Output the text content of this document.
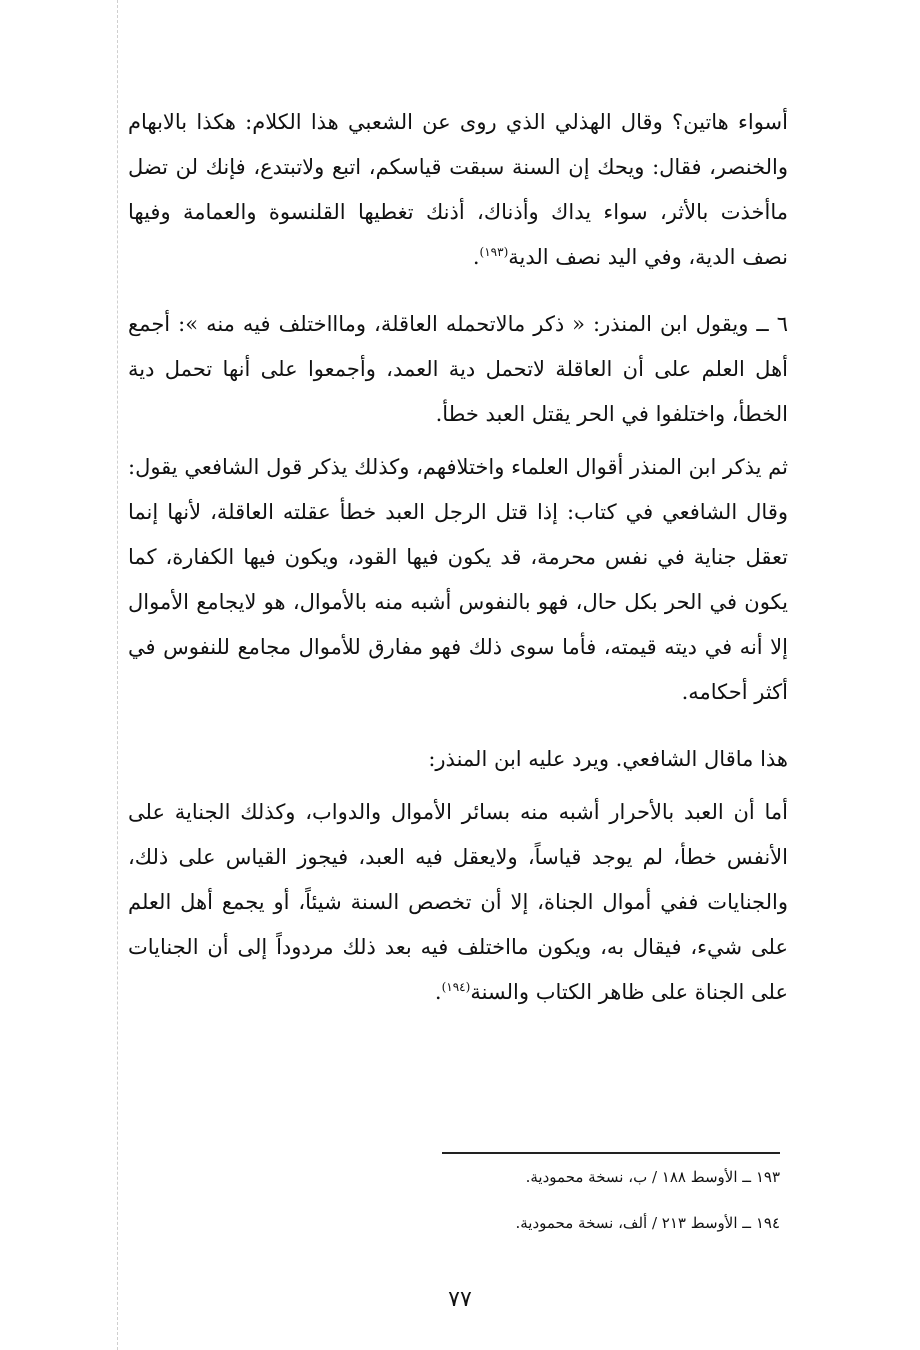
أسواء هاتين؟ وقال الهذلي الذي روى عن الشعبي هذا الكلام: هكذا بالابهام والخنصر، فقال: ويحك إن السنة سبقت قياسكم، اتبع ولاتبتدع، فإنك لن تضل ماأخذت بالأثر، سواء يداك وأذناك، أذنك تغطيها القلنسوة والعمامة وفيها نصف الدية، وفي اليد نصف الدية$^{(١٩٣)}$.

٦ ــ ويقول ابن المنذر: « ذكر مالاتحمله العاقلة، وماااختلف فيه منه »: أجمع أهل العلم على أن العاقلة لاتحمل دية العمد، وأجمعوا على أنها تحمل دية الخطأ، واختلفوا في الحر يقتل العبد خطأ.

ثم يذكر ابن المنذر أقوال العلماء واختلافهم، وكذلك يذكر قول الشافعي يقول: وقال الشافعي في كتاب: إذا قتل الرجل العبد خطأ عقلته العاقلة، لأنها إنما تعقل جناية في نفس محرمة، قد يكون فيها القود، ويكون فيها الكفارة، كما يكون في الحر بكل حال، فهو بالنفوس أشبه منه بالأموال، هو لايجامع الأموال إلا أنه في ديته قيمته، فأما سوى ذلك فهو مفارق للأموال مجامع للنفوس في أكثر أحكامه.

هذا ماقال الشافعي. ويرد عليه ابن المنذر:

أما أن العبد بالأحرار أشبه منه بسائر الأموال والدواب، وكذلك الجناية على الأنفس خطأ، لم يوجد قياساً، ولايعقل فيه العبد، فيجوز القياس على ذلك، والجنايات ففي أموال الجناة، إلا أن تخصص السنة شيئاً، أو يجمع أهل العلم على شيء، فيقال به، ويكون مااختلف فيه بعد ذلك مردوداً إلى أن الجنايات على الجناة على ظاهر الكتاب والسنة$^{(١٩٤)}$.

١٩٣ ــ الأوسط ١٨٨ / ب، نسخة محمودية.

١٩٤ ــ الأوسط ٢١٣ / ألف، نسخة محمودية.

٧٧
